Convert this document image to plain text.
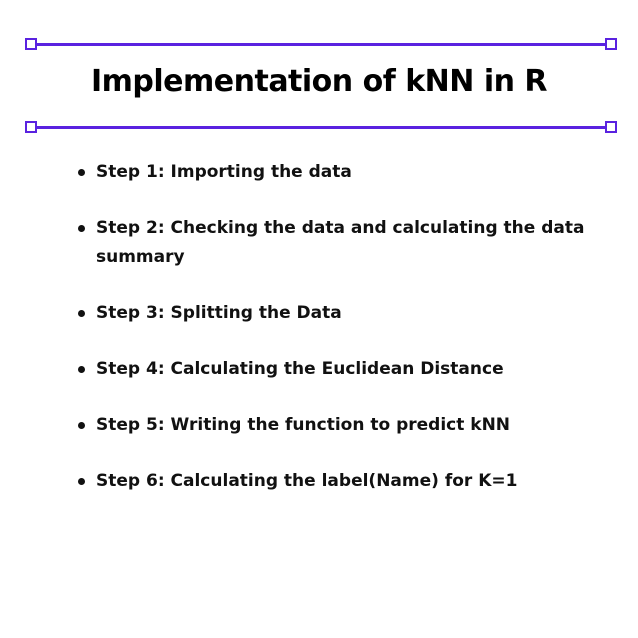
Implementation of kNN in R
Step 1: Importing the data
Step 2: Checking the data and calculating the data summary
Step 3: Splitting the Data
Step 4: Calculating the Euclidean Distance
Step 5: Writing the function to predict kNN
Step 6: Calculating the label(Name) for K=1
